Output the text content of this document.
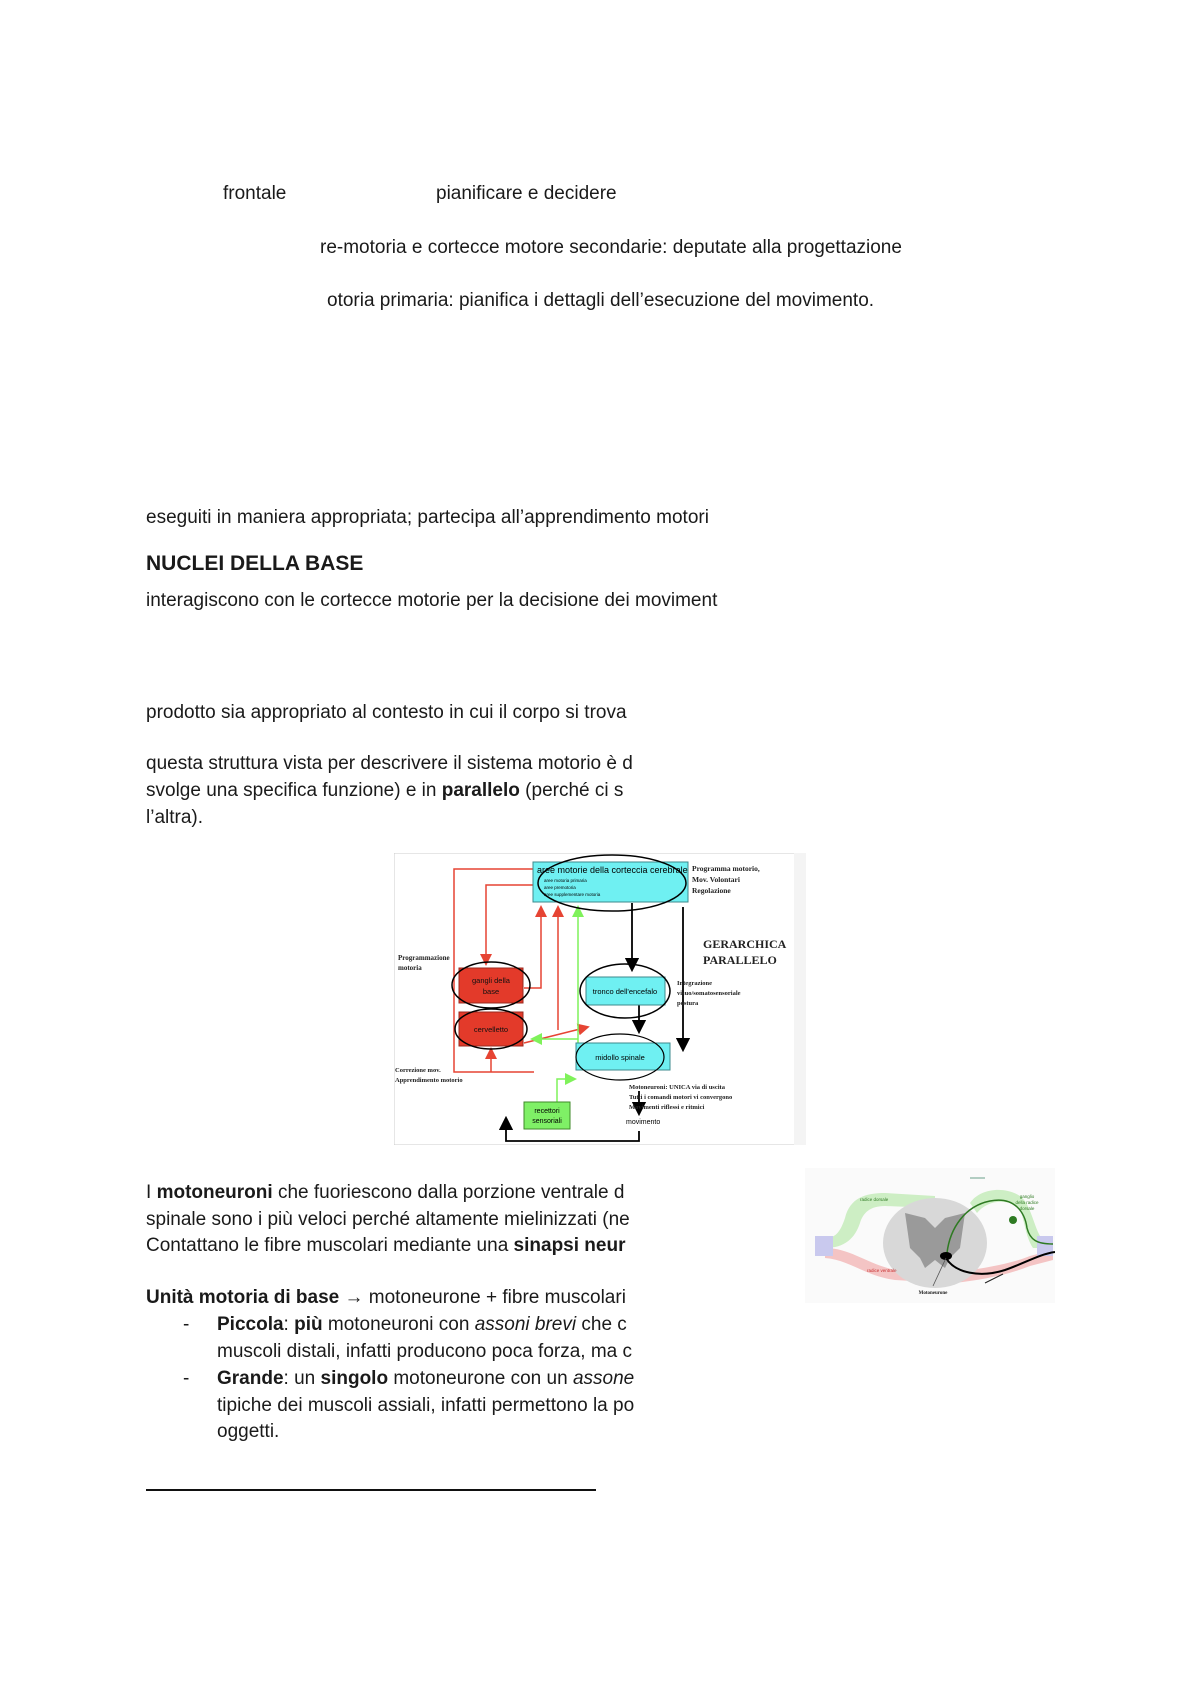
frontale	pianificare e decidere
re-motoria e cortecce motore secondarie: deputate alla progettazione
otoria primaria: pianifica i dettagli dell’esecuzione del movimento.
eseguiti in maniera appropriata; partecipa all’apprendimento motori
NUCLEI DELLA BASE
interagiscono con le cortecce motorie per la decisione dei moviment
prodotto sia appropriato al contesto in cui il corpo si trova
questa struttura vista per descrivere il sistema motorio è d
svolge una specifica funzione) e in parallelo (perché ci s
l’altra).
aree motorie della corteccia cerebrale
aree motoria primaria
aree premotoria
aree supplementare motoria
Programma motorio,
Mov. Volontari
Regolazione
GERARCHICA
PARALLELO
Programmazione
motoria
gangli della
base
cervelletto
tronco dell'encefalo
Integrazione
visuo/somatosensoriale
postura
midollo spinale
Correzione mov.
Apprendimento motorio
recettori
sensoriali
Motoneuroni: UNICA via di uscita
Tutti i comandi motori vi convergono
Movimenti riflessi e ritmici
movimento
radice dorsale
radice ventrale
ganglio
della radice
dorsale
Motoneurone
I motoneuroni che fuoriescono dalla porzione ventrale d
spinale sono i più veloci perché altamente mielinizzati (ne
Contattano le fibre muscolari mediante una sinapsi neur
Unità motoria di base → motoneurone + fibre muscolari
- Piccola: più motoneuroni con assoni brevi che c
muscoli distali, infatti producono poca forza, ma c
- Grande: un singolo motoneurone con un assone
tipiche dei muscoli assiali, infatti permettono la po
oggetti.
